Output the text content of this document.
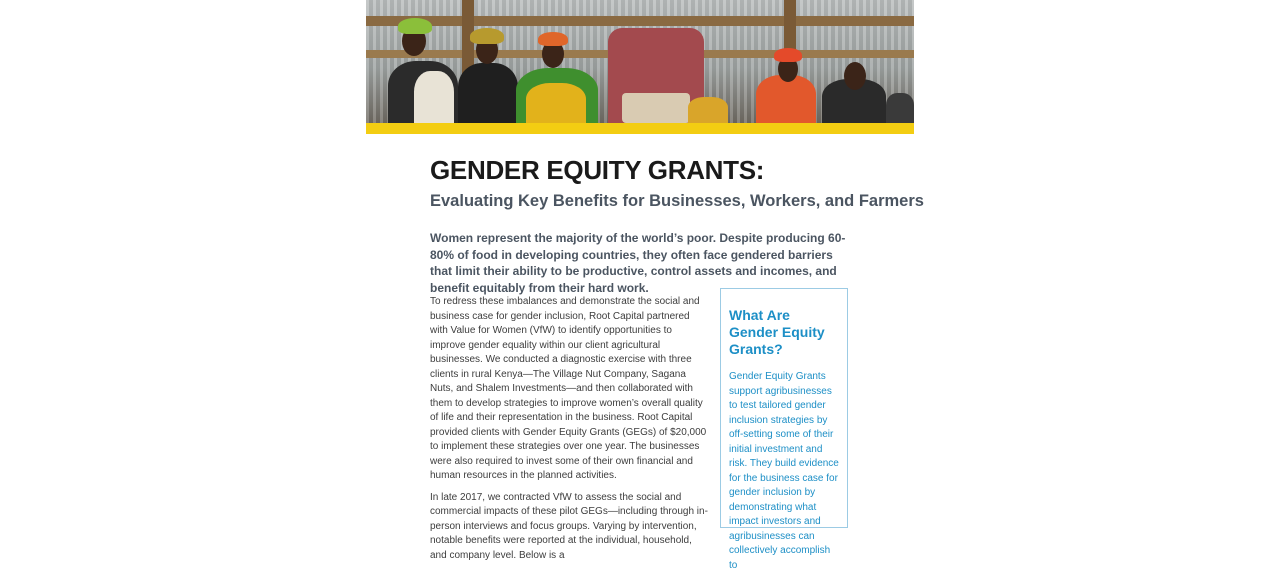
GENDER EQUITY GRANTS:
Evaluating Key Benefits for Businesses, Workers, and Farmers

Women represent the majority of the world’s poor. Despite producing 60-80% of food in developing countries, they often face gendered barriers that limit their ability to be productive, control assets and incomes, and benefit equitably from their hard work.

To redress these imbalances and demonstrate the social and business case for gender inclusion, Root Capital partnered with Value for Women (VfW) to identify opportunities to improve gender equality within our client agricultural businesses. We conducted a diagnostic exercise with three clients in rural Kenya—The Village Nut Company, Sagana Nuts, and Shalem Investments—and then collaborated with them to develop strategies to improve women’s overall quality of life and their representation in the business. Root Capital provided clients with Gender Equity Grants (GEGs) of $20,000 to implement these strategies over one year. The businesses were also required to invest some of their own financial and human resources in the planned activities.

In late 2017, we contracted VfW to assess the social and commercial impacts of these pilot GEGs—including through in-person interviews and focus groups. Varying by intervention, notable benefits were reported at the individual, household, and company level. Below is a

What Are Gender Equity Grants?

Gender Equity Grants support agribusinesses to test tailored gender inclusion strategies by off-setting some of their initial investment and risk. They build evidence for the business case for gender inclusion by demonstrating what impact investors and agribusinesses can collectively accomplish to
